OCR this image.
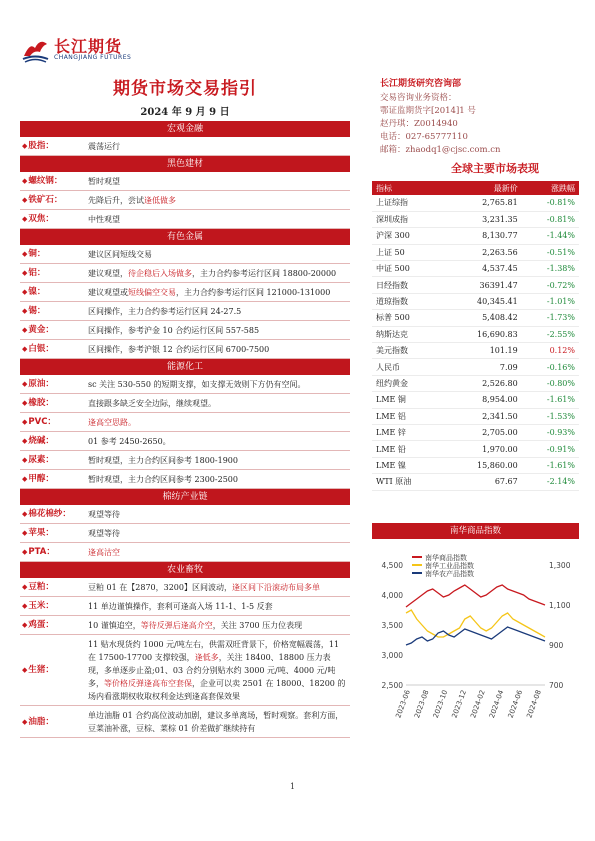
长江期货
CHANGJIANG FUTURES
期货市场交易指引
2024 年 9 月 9 日
宏观金融
◆ 股指：	震荡运行
黑色建材
◆ 螺纹钢：	暂时观望
◆ 铁矿石：	先降后升，尝试逢低做多
◆ 双焦：	中性观望
有色金属
◆ 铜：	建议区间短线交易
◆ 铝：	建议观望，待企稳后入场做多，主力合约参考运行区间 18800-20000
◆ 镍：	建议观望或短线偏空交易，主力合约参考运行区间 121000-131000
◆ 锡：	区间操作，主力合约参考运行区间 24-27.5
◆ 黄金：	区间操作，参考沪金 10 合约运行区间 557-585
◆ 白银：	区间操作，参考沪银 12 合约运行区间 6700-7500
能源化工
◆ 原油：	sc 关注 530-550 的短期支撑，如支撑无效则下方仍有空间。
◆ 橡胶：	直接跟多缺乏安全边际，继续观望。
◆ PVC：	逢高空思路。
◆ 烧碱：	01 参考 2450-2650。
◆ 尿素：	暂时观望，主力合约区间参考 1800-1900
◆ 甲醇：	暂时观望，主力合约区间参考 2300-2500
棉纺产业链
◆ 棉花棉纱：	观望等待
◆ 苹果：	观望等待
◆ PTA：	逢高沽空
农业畜牧
◆ 豆粕：	豆粕 01 在【2870，3200】区间波动，逢区间下沿滚动布局多单
◆ 玉米：	11 单边谨慎操作，套利可逢高入场 11-1、1-5 反套
◆ 鸡蛋：	10 谨慎追空，等待反弹后逢高介空，关注 3700 压力位表现
◆ 生猪：
11 贴水现货约 1000 元/吨左右，供需双旺背景下，价格宽幅震荡，11 在 17500-17700 支撑较强，逢低多，关注 18400、18800 压力表现，多单逐步止盈;01、03 合约分别贴水约 3000 元/吨、4000 元/吨多，等价格反弹逢高布空套保，企业可以卖 2501 在 18000、18200 的场内看涨期权收取权利金达到逢高套保效果
◆ 油脂：
单边油脂 01 合约高位波动加剧，建议多单离场，暂时观察。套利方面，豆菜油补涨，豆棕、菜棕 01 价差做扩继续持有
长江期货研究咨询部
交易咨询业务资格：
鄂证监期货字[2014]1 号
赵丹琪：Z0014940
电话：027-65777110
邮箱：zhaodq1@cjsc.com.cn
全球主要市场表现
指标	最新价	涨跌幅
上证综指	2,765.81	-0.81%
深圳成指	3,231.35	-0.81%
沪深 300	8,130.77	-1.44%
上证 50	2,263.56	-0.51%
中证 500	4,537.45	-1.38%
日经指数	36391.47	-0.72%
道琼指数	40,345.41	-1.01%
标普 500	5,408.42	-1.73%
纳斯达克	16,690.83	-2.55%
美元指数	101.19	0.12%
人民币	7.09	-0.16%
纽约黄金	2,526.80	-0.80%
LME 铜	8,954.00	-1.61%
LME 铝	2,341.50	-1.53%
LME 锌	2,705.00	-0.93%
LME 铅	1,970.00	-0.91%
LME 镍	15,860.00	-1.61%
WTI 原油	67.67	-2.14%
南华商品指数
4,500
4,000
3,500
3,000
2,500
1,300
1,100
900
700
南华商品指数
南华工业品指数
南华农产品指数
2023-06 2023-08 2023-10 2023-12 2024-02 2024-04 2024-06 2024-08
1
